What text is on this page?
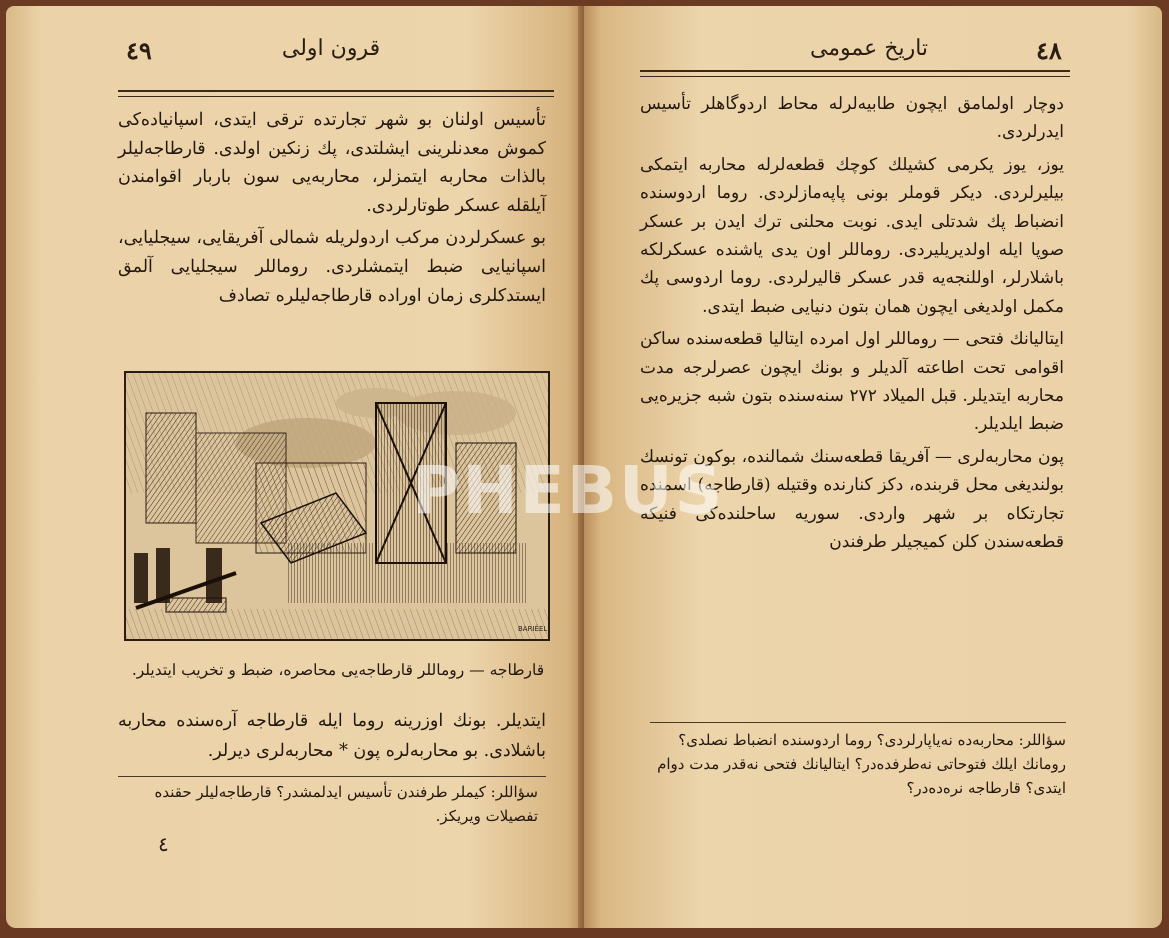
٤٩	قرون اولی

تأسیس اولنان بو شهر تجارتده ترقی ایتدی، اسپانیاده‌کی کموش معدنلرینی ایشلتدی، پك زنكین اولدی. قارطاجه‌لیلر بالذات محاربه ایتمزلر، محاربه‌یی سون باربار اقوامندن آیلقله عسکر طوتارلردی.

بو عسکرلردن مرکب اردولریله شمالی آفریقایی، سیجلیایی، اسپانیایی ضبط ایتمشلردی. روماللر سیجلیایی آلمق ایستدکلری زمان اوراده قارطاجه‌لیلره تصادف

BARIÉEL
قارطاجه — روماللر قارطاجه‌یی محاصره، ضبط و تخریب ایتدیلر.
ایتدیلر. بونك اوزرینه روما ایله قارطاجه آره‌سنده محاربه باشلادی. بو محاربه‌لره پون * محاربه‌لری دیرلر.
سؤاللر: کیملر طرفندن تأسیس ایدلمشدر؟ قارطاجه‌لیلر حقنده تفصیلات ویریکز.
٤
٤٨
تاریخ عمومی

دوچار اولمامق ایچون طابیه‌لرله محاط اردوگاهلر تأسیس ایدرلردی.

یوز، یوز یکرمی کشیلك کوچك قطعه‌لرله محاربه ایتمکی بیلیرلردی. دیکر قوملر بونی پاپه‌مازلردی. روما اردوسنده انضباط پك شدتلی ایدی. نوبت محلنی ترك ایدن بر عسکر صوپا ایله اولدیریلیردی. روماللر اون یدی یاشنده عسکرلکه باشلارلر، اوللنجه‌یه قدر عسکر قالیرلردی. روما اردوسی پك مکمل اولدیغی ایچون همان بتون دنیایی ضبط ایتدی.

ایتالیانك فتحی — روماللر اول امرده ایتالیا قطعه‌سنده ساکن اقوامی تحت اطاعته آلدیلر و بونك ایچون عصرلرجه مدت محاربه ایتدیلر. قبل المیلاد ٢٧٢ سنه‌سنده بتون شبه جزیره‌یی ضبط ایلدیلر.

پون محاربه‌لری — آفریقا قطعه‌سنك شمالنده، بوکون تونسك بولندیغی محل قربنده، دکز کنارنده وقتیله (قارطاجه) اسمنده تجارتکاه بر شهر واردی. سوریه ساحلنده‌کی فنیکه قطعه‌سندن کلن کمیجیلر طرفندن

سؤاللر: محاربه‌ده نه‌یاپارلردی؟ روما اردوسنده انضباط نصلدی؟ رومانك ایلك فتوحاتی نه‌طرفده‌در؟ ایتالیانك فتحی نه‌قدر مدت دوام ایتدی؟ قارطاجه نره‌ده‌در؟
PHEBUS
